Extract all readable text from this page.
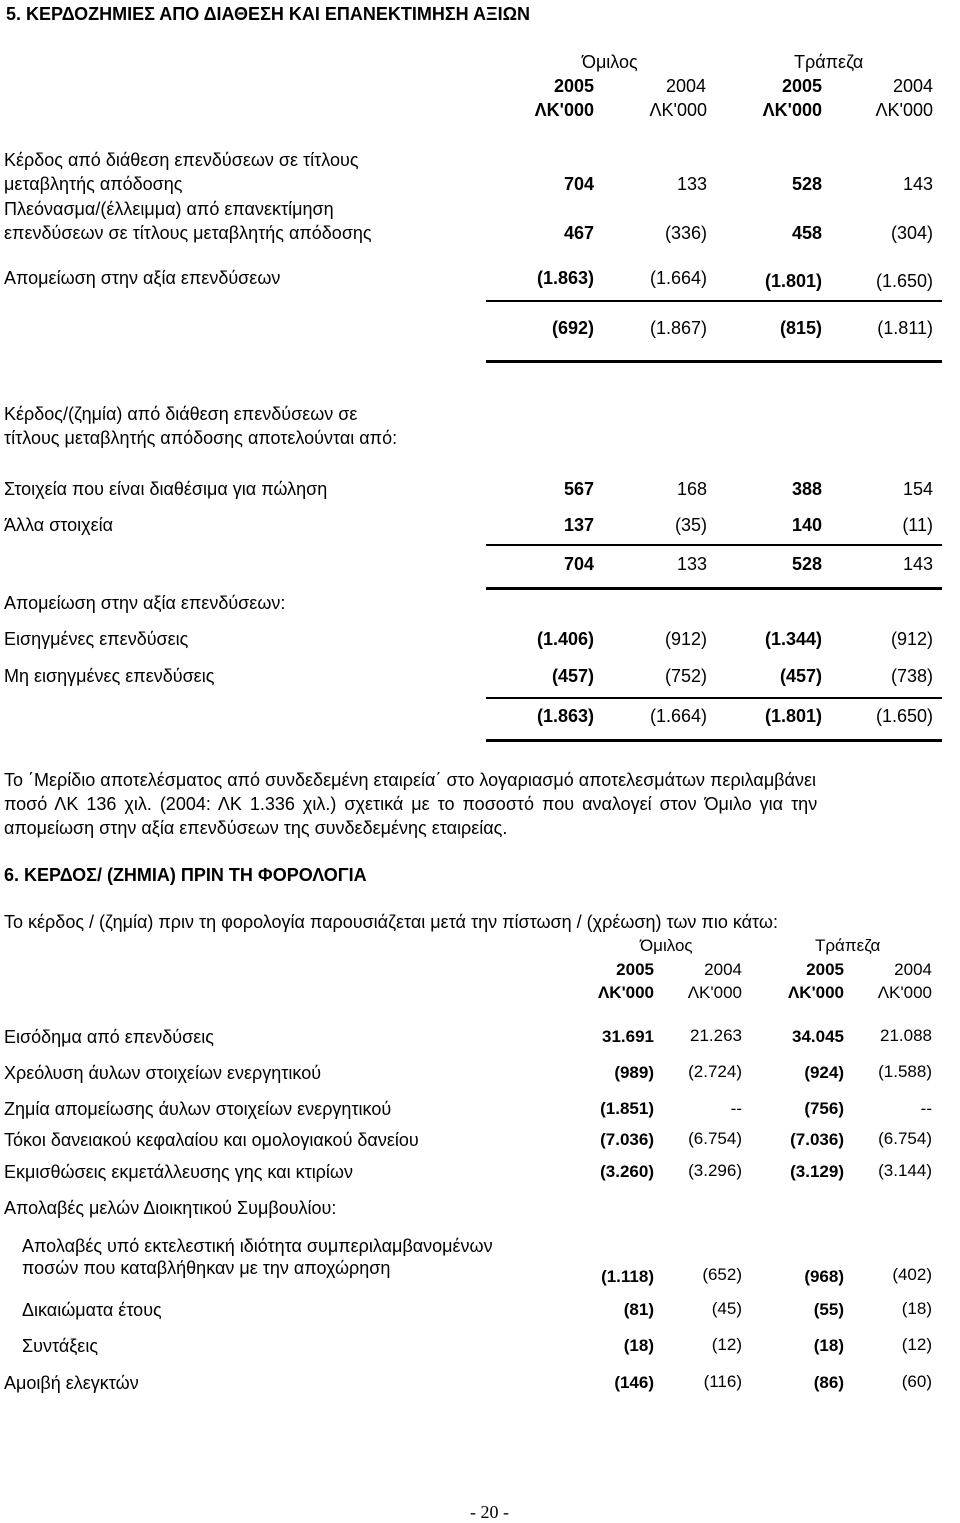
5. ΚΕΡΔΟΖΗΜΙΕΣ ΑΠΟ ΔΙΑΘΕΣΗ ΚΑΙ ΕΠΑΝΕΚΤΙΜΗΣΗ ΑΞΙΩΝ
Όμιλος	Τράπεζα
2005	2004	2005	2004
ΛΚ'000	ΛΚ'000	ΛΚ'000	ΛΚ'000
Κέρδος από διάθεση επενδύσεων σε τίτλους
μεταβλητής απόδοσης	704	133	528	143
Πλεόνασμα/(έλλειμμα) από επανεκτίμηση
επενδύσεων σε τίτλους μεταβλητής απόδοσης	467	(336)	458	(304)
Απομείωση στην αξία επενδύσεων	(1.863)	(1.664)	(1.801)	(1.650)
(692)	(1.867)	(815)	(1.811)
Κέρδος/(ζημία) από διάθεση επενδύσεων σε
τίτλους μεταβλητής απόδοσης αποτελούνται από:
Στοιχεία που είναι διαθέσιμα για πώληση	567	168	388	154
Άλλα στοιχεία	137	(35)	140	(11)
704	133	528	143
Απομείωση στην αξία επενδύσεων:
Εισηγμένες επενδύσεις	(1.406)	(912)	(1.344)	(912)
Μη εισηγμένες επενδύσεις	(457)	(752)	(457)	(738)
(1.863)	(1.664)	(1.801)	(1.650)
Το ΄Μερίδιο αποτελέσματος από συνδεδεμένη εταιρεία΄ στο λογαριασμό αποτελεσμάτων περιλαμβάνει
ποσό ΛΚ 136 χιλ. (2004: ΛΚ 1.336 χιλ.) σχετικά με το ποσοστό που αναλογεί στον Όμιλο για την
απομείωση στην αξία επενδύσεων της συνδεδεμένης εταιρείας.
6. ΚΕΡΔΟΣ/ (ΖΗΜΙΑ) ΠΡΙΝ ΤΗ ΦΟΡΟΛΟΓΙΑ
Το κέρδος / (ζημία) πριν τη φορολογία παρουσιάζεται μετά την πίστωση / (χρέωση) των πιο κάτω:
Όμιλος	Τράπεζα
2005	2004	2005	2004
ΛΚ'000 ΛΚ'000	ΛΚ'000 ΛΚ'000
Εισόδημα από επενδύσεις	31.691 21.263	34.045 21.088
Χρεόλυση άυλων στοιχείων ενεργητικού	(989) (2.724)	(924) (1.588)
Ζημία απομείωσης άυλων στοιχείων ενεργητικού	(1.851)	--	(756)	--
Τόκοι δανειακού κεφαλαίου και ομολογιακού δανείου	(7.036) (6.754)	(7.036) (6.754)
Εκμισθώσεις εκμετάλλευσης γης και κτιρίων	(3.260) (3.296)	(3.129) (3.144)
Απολαβές μελών Διοικητικού Συμβουλίου:
Απολαβές υπό εκτελεστική ιδιότητα συμπεριλαμβανομένων
ποσών που καταβλήθηκαν με την αποχώρηση	(1.118)	(652)	(968)	(402)
Δικαιώματα έτους	(81)	(45)	(55)	(18)
Συντάξεις	(18)	(12)	(18)	(12)
Αμοιβή ελεγκτών	(146)	(116)	(86)	(60)
- 20 -
